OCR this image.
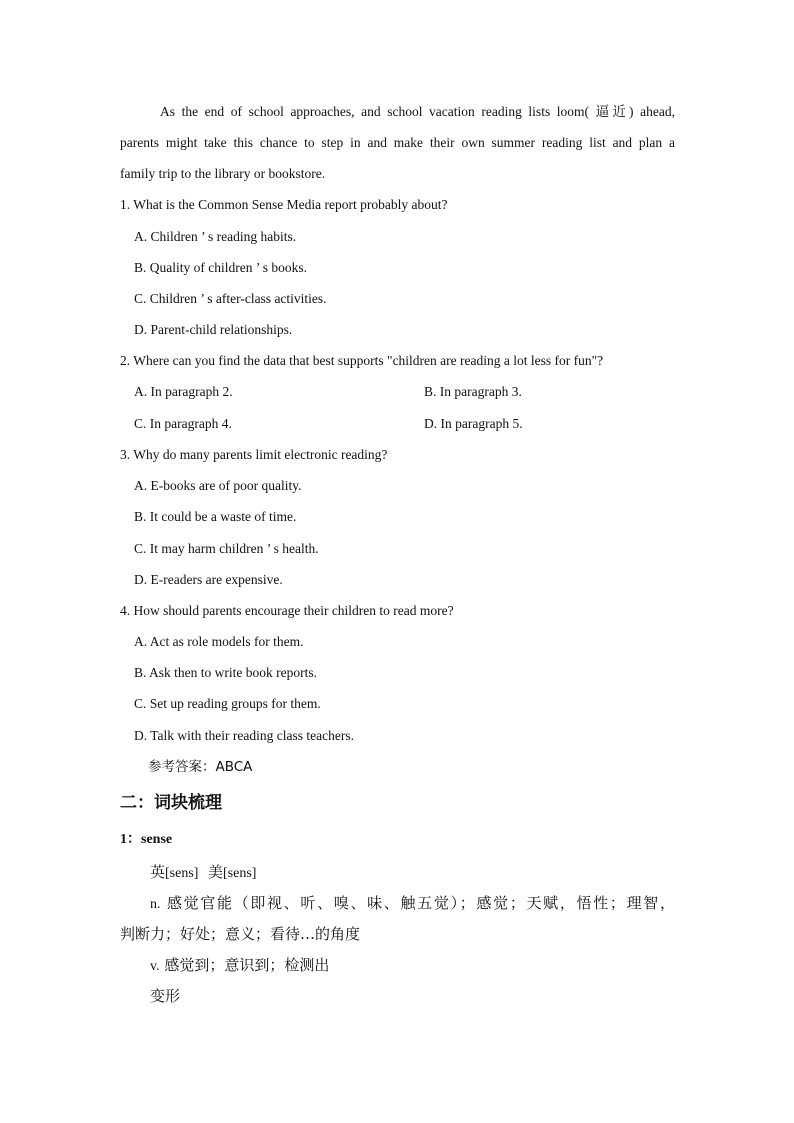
As the end of school approaches, and school vacation reading lists loom( 逼近) ahead,
parents might take this chance to step in and make their own summer reading list and plan a
family trip to the library or bookstore.
1. What is the Common Sense Media report probably about?
A. Children ’ s reading habits.
B. Quality of children ’ s books.
C. Children ’ s after-class activities.
D. Parent-child relationships.
2. Where can you find the data that best supports "children are reading a lot less for fun"?
A. In paragraph 2.	B. In paragraph 3.
C. In paragraph 4.	D. In paragraph 5.
3. Why do many parents limit electronic reading?
A. E-books are of poor quality.
B. It could be a waste of time.
C. It may harm children ’ s health.
D. E-readers are expensive.
4. How should parents encourage their children to read more?
A. Act as role models for them.
B. Ask then to write book reports.
C. Set up reading groups for them.
D. Talk with their reading class teachers.
参考答案：ABCA
二：词块梳理
1：sense
英[sens] 美[sens]
n. 感觉官能（即视、听、嗅、味、触五觉）；感觉；天赋，悟性；理智，
判断力；好处；意义；看待…的角度
v. 感觉到；意识到；检测出
变形
